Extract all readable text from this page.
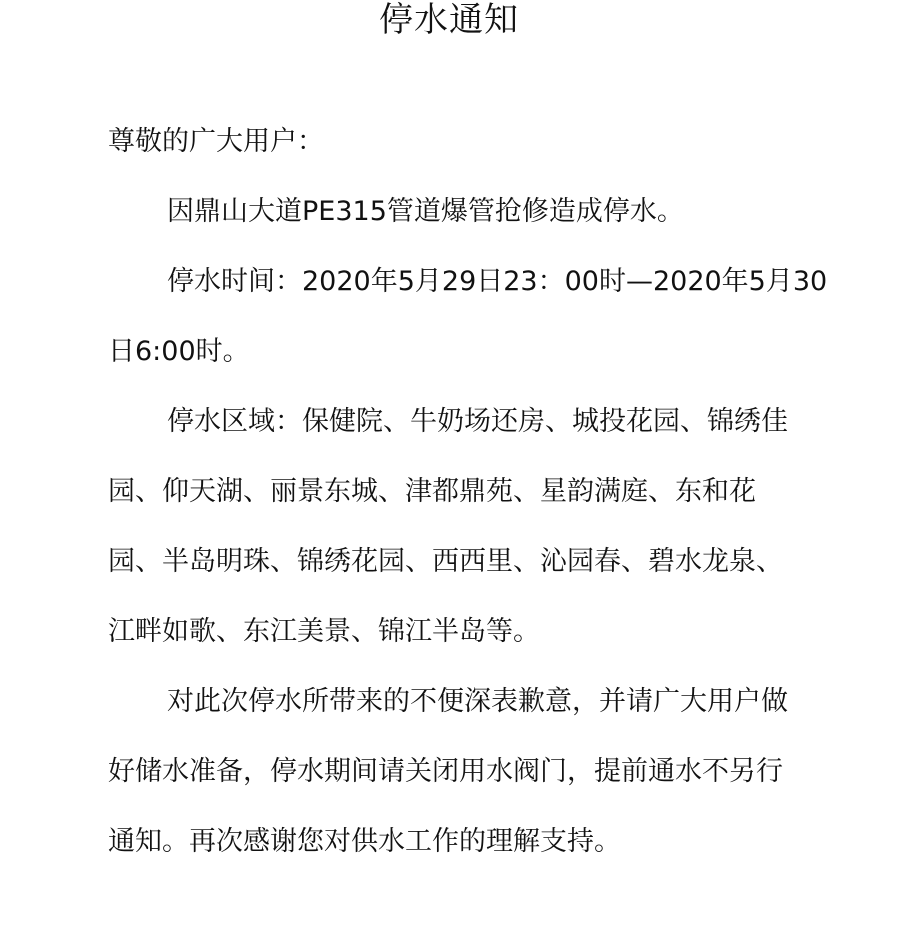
停水通知
尊敬的广大用户：
因鼎山大道PE315管道爆管抢修造成停水。
停水时间：2020年5月29日23：00时—2020年5月30
日6:00时。
停水区域：保健院、牛奶场还房、城投花园、锦绣佳
园、仰天湖、丽景东城、津都鼎苑、星韵满庭、东和花
园、半岛明珠、锦绣花园、西西里、沁园春、碧水龙泉、
江畔如歌、东江美景、锦江半岛等。
对此次停水所带来的不便深表歉意，并请广大用户做
好储水准备，停水期间请关闭用水阀门，提前通水不另行
通知。再次感谢您对供水工作的理解支持。
